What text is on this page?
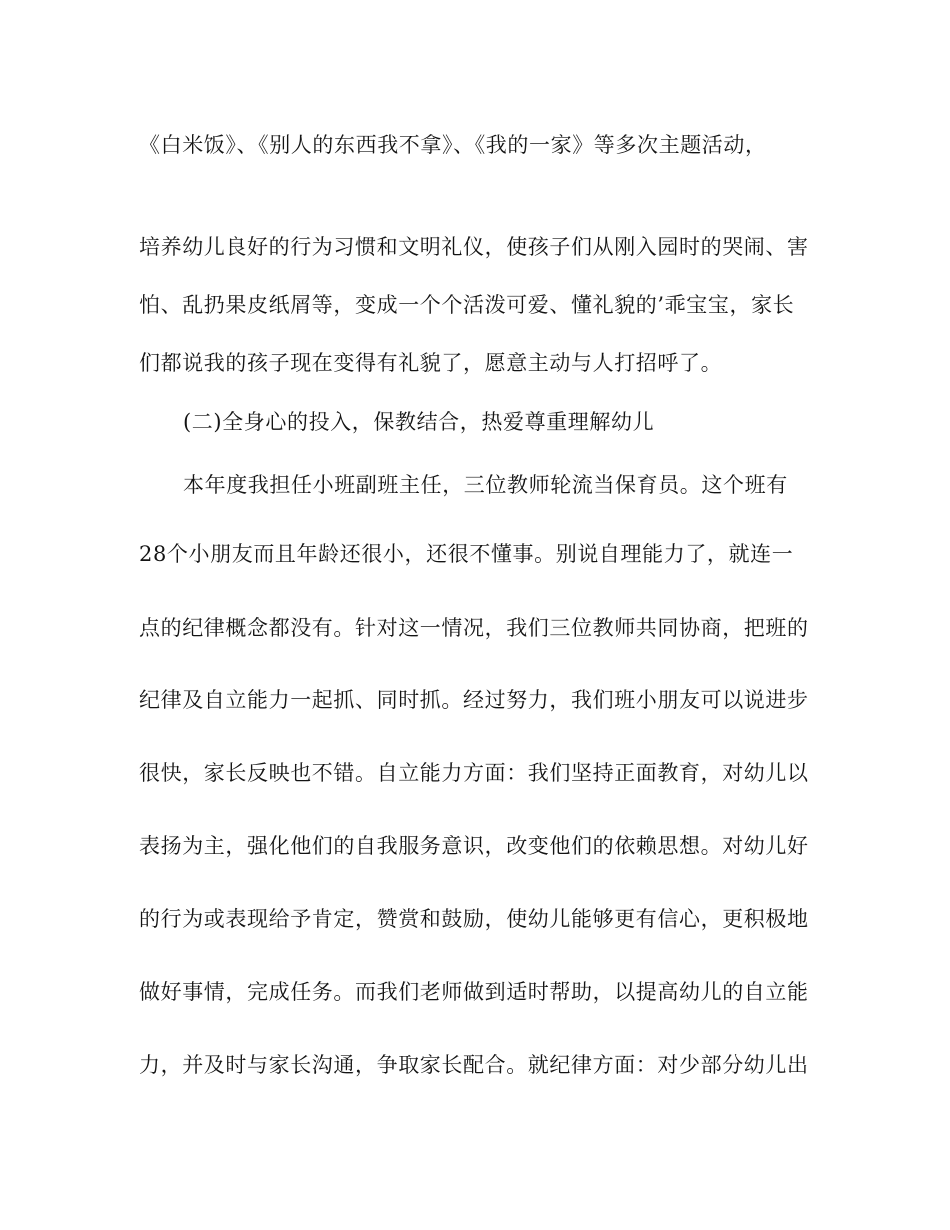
《白米饭》、《别人的东西我不拿》、《我的一家》等多次主题活动，
培养幼儿良好的行为习惯和文明礼仪，使孩子们从刚入园时的哭闹、害
怕、乱扔果皮纸屑等，变成一个个活泼可爱、懂礼貌的’乖宝宝，家长
们都说我的孩子现在变得有礼貌了，愿意主动与人打招呼了。
(二)全身心的投入，保教结合，热爱尊重理解幼儿
本年度我担任小班副班主任，三位教师轮流当保育员。这个班有
28个小朋友而且年龄还很小，还很不懂事。别说自理能力了，就连一
点的纪律概念都没有。针对这一情况，我们三位教师共同协商，把班的
纪律及自立能力一起抓、同时抓。经过努力，我们班小朋友可以说进步
很快，家长反映也不错。自立能力方面：我们坚持正面教育，对幼儿以
表扬为主，强化他们的自我服务意识，改变他们的依赖思想。对幼儿好
的行为或表现给予肯定，赞赏和鼓励，使幼儿能够更有信心，更积极地
做好事情，完成任务。而我们老师做到适时帮助，以提高幼儿的自立能
力，并及时与家长沟通，争取家长配合。就纪律方面：对少部分幼儿出
